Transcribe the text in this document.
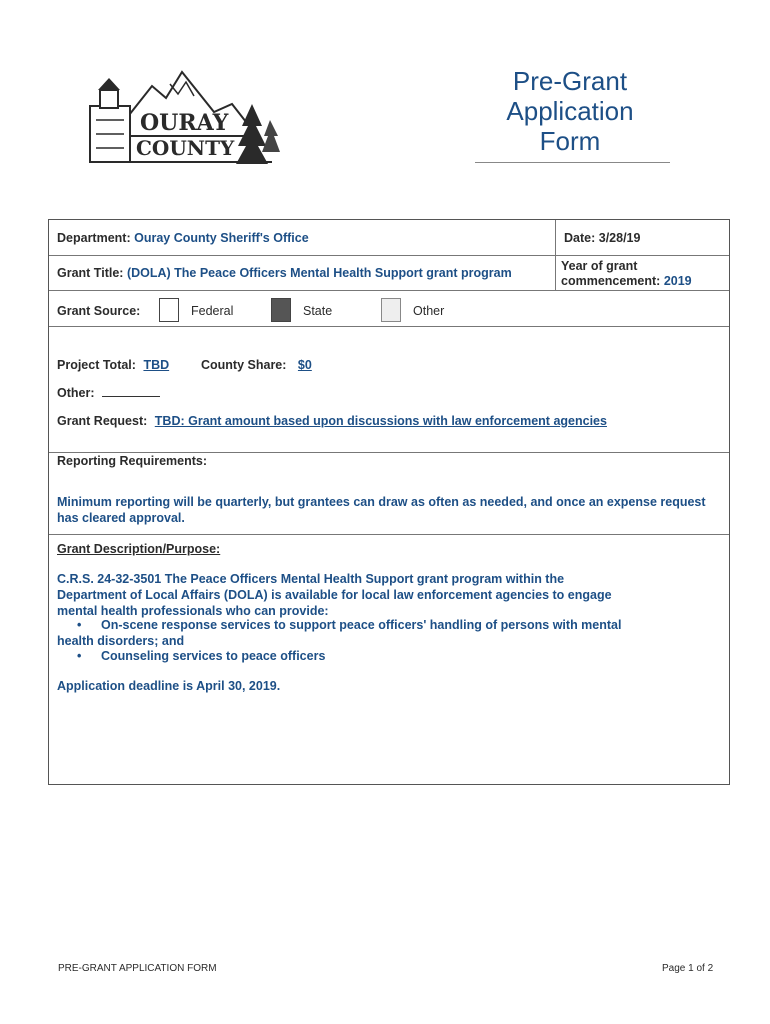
OURAY
COUNTY
Pre-Grant
Application
Form
Department: Ouray County Sheriff's Office	Date: 3/28/19
Grant Title: (DOLA) The Peace Officers Mental Health Support grant program	Year of grant
commencement: 2019
Grant Source:	Federal	State	Other
Project Total: TBD	County Share: $0
Other:
Grant Request: TBD: Grant amount based upon discussions with law enforcement agencies
Reporting Requirements:
Minimum reporting will be quarterly, but grantees can draw as often as needed, and once an expense request
has cleared approval.
Grant Description/Purpose:
C.R.S. 24-32-3501 The Peace Officers Mental Health Support grant program within the
Department of Local Affairs (DOLA) is available for local law enforcement agencies to engage
mental health professionals who can provide:
•	On-scene response services to support peace officers' handling of persons with mental
health disorders; and
• Counseling services to peace officers
Application deadline is April 30, 2019.
PRE-GRANT APPLICATION FORM	Page 1 of 2
